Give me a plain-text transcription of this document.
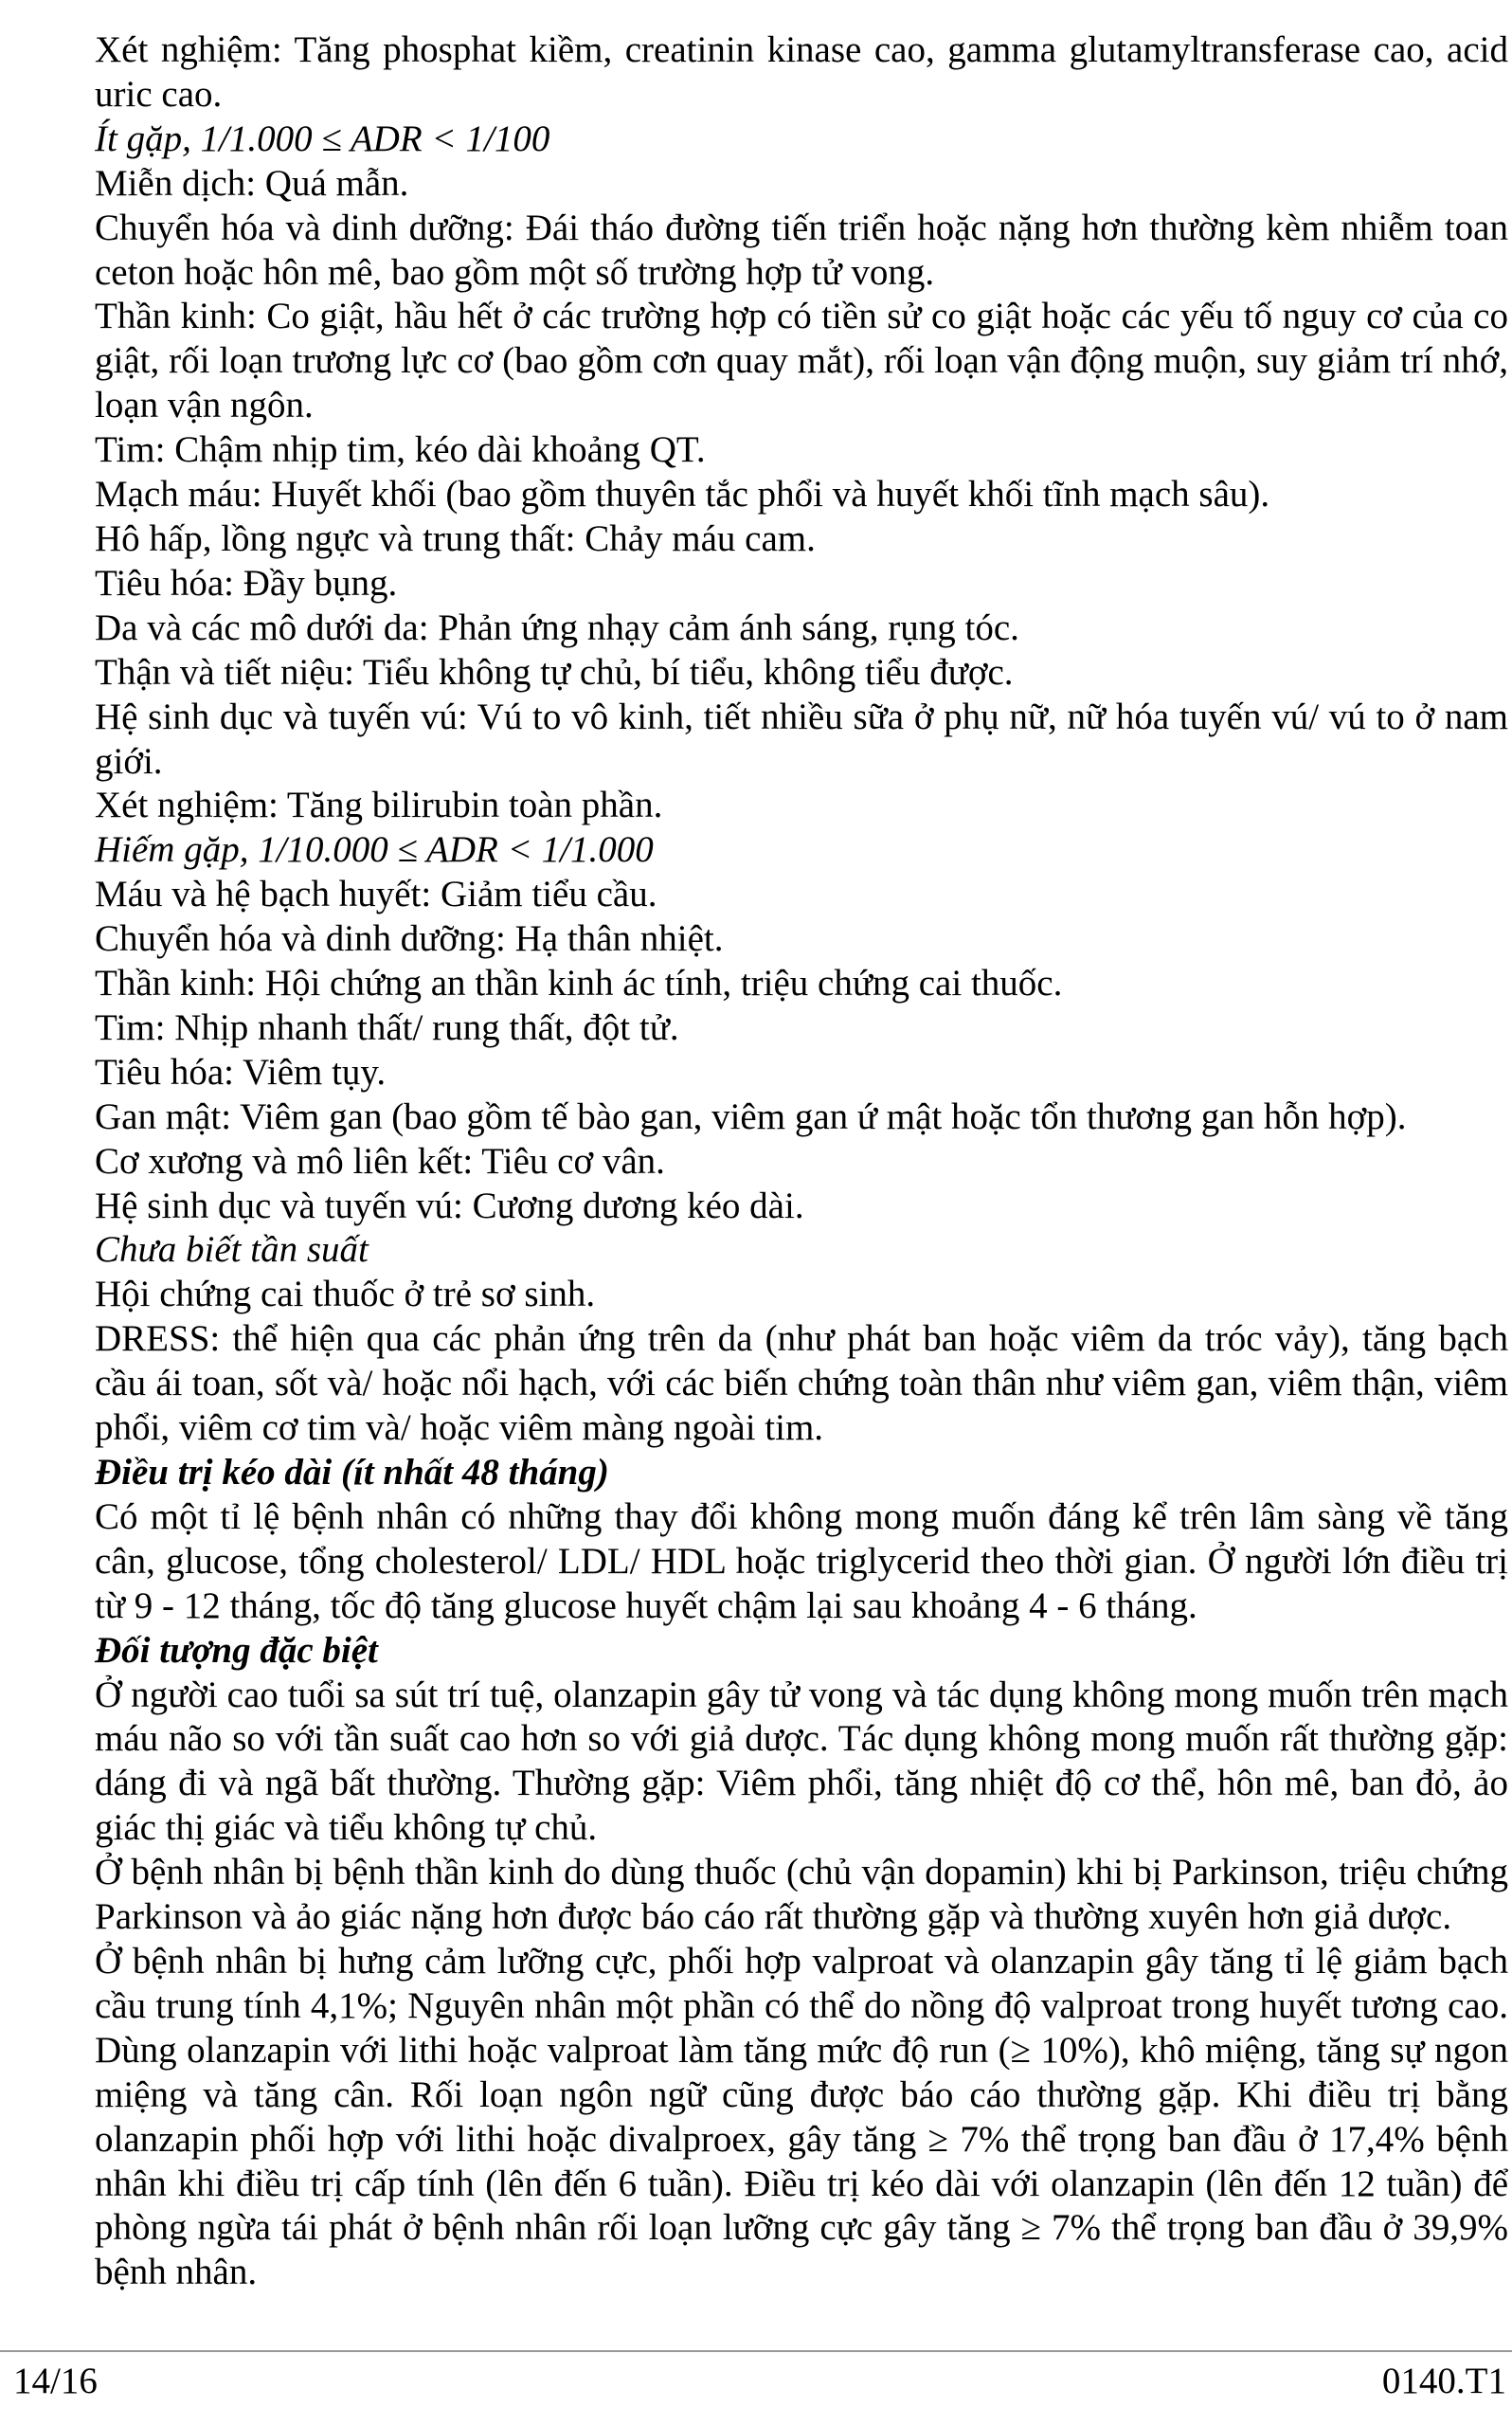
Xét nghiệm: Tăng phosphat kiềm, creatinin kinase cao, gamma glutamyltransferase cao, acid uric cao.
Ít gặp, 1/1.000 ≤ ADR < 1/100
Miễn dịch: Quá mẫn.
Chuyển hóa và dinh dưỡng: Đái tháo đường tiến triển hoặc nặng hơn thường kèm nhiễm toan ceton hoặc hôn mê, bao gồm một số trường hợp tử vong.
Thần kinh: Co giật, hầu hết ở các trường hợp có tiền sử co giật hoặc các yếu tố nguy cơ của co giật, rối loạn trương lực cơ (bao gồm cơn quay mắt), rối loạn vận động muộn, suy giảm trí nhớ, loạn vận ngôn.
Tim: Chậm nhịp tim, kéo dài khoảng QT.
Mạch máu: Huyết khối (bao gồm thuyên tắc phổi và huyết khối tĩnh mạch sâu).
Hô hấp, lồng ngực và trung thất: Chảy máu cam.
Tiêu hóa: Đầy bụng.
Da và các mô dưới da: Phản ứng nhạy cảm ánh sáng, rụng tóc.
Thận và tiết niệu: Tiểu không tự chủ, bí tiểu, không tiểu được.
Hệ sinh dục và tuyến vú: Vú to vô kinh, tiết nhiều sữa ở phụ nữ, nữ hóa tuyến vú/ vú to ở nam giới.
Xét nghiệm: Tăng bilirubin toàn phần.
Hiếm gặp, 1/10.000 ≤ ADR < 1/1.000
Máu và hệ bạch huyết: Giảm tiểu cầu.
Chuyển hóa và dinh dưỡng: Hạ thân nhiệt.
Thần kinh: Hội chứng an thần kinh ác tính, triệu chứng cai thuốc.
Tim: Nhịp nhanh thất/ rung thất, đột tử.
Tiêu hóa: Viêm tụy.
Gan mật: Viêm gan (bao gồm tế bào gan, viêm gan ứ mật hoặc tổn thương gan hỗn hợp).
Cơ xương và mô liên kết: Tiêu cơ vân.
Hệ sinh dục và tuyến vú: Cương dương kéo dài.
Chưa biết tần suất
Hội chứng cai thuốc ở trẻ sơ sinh.
DRESS: thể hiện qua các phản ứng trên da (như phát ban hoặc viêm da tróc vảy), tăng bạch cầu ái toan, sốt và/ hoặc nổi hạch, với các biến chứng toàn thân như viêm gan, viêm thận, viêm phổi, viêm cơ tim và/ hoặc viêm màng ngoài tim.
Điều trị kéo dài (ít nhất 48 tháng)
Có một tỉ lệ bệnh nhân có những thay đổi không mong muốn đáng kể trên lâm sàng về tăng cân, glucose, tổng cholesterol/ LDL/ HDL hoặc triglycerid theo thời gian. Ở người lớn điều trị từ 9 - 12 tháng, tốc độ tăng glucose huyết chậm lại sau khoảng 4 - 6 tháng.
Đối tượng đặc biệt
Ở người cao tuổi sa sút trí tuệ, olanzapin gây tử vong và tác dụng không mong muốn trên mạch máu não so với tần suất cao hơn so với giả dược. Tác dụng không mong muốn rất thường gặp: dáng đi và ngã bất thường. Thường gặp: Viêm phổi, tăng nhiệt độ cơ thể, hôn mê, ban đỏ, ảo giác thị giác và tiểu không tự chủ.
Ở bệnh nhân bị bệnh thần kinh do dùng thuốc (chủ vận dopamin) khi bị Parkinson, triệu chứng Parkinson và ảo giác nặng hơn được báo cáo rất thường gặp và thường xuyên hơn giả dược.
Ở bệnh nhân bị hưng cảm lưỡng cực, phối hợp valproat và olanzapin gây tăng tỉ lệ giảm bạch cầu trung tính 4,1%; Nguyên nhân một phần có thể do nồng độ valproat trong huyết tương cao. Dùng olanzapin với lithi hoặc valproat làm tăng mức độ run (≥ 10%), khô miệng, tăng sự ngon miệng và tăng cân. Rối loạn ngôn ngữ cũng được báo cáo thường gặp. Khi điều trị bằng olanzapin phối hợp với lithi hoặc divalproex, gây tăng ≥ 7% thể trọng ban đầu ở 17,4% bệnh nhân khi điều trị cấp tính (lên đến 6 tuần). Điều trị kéo dài với olanzapin (lên đến 12 tuần) để phòng ngừa tái phát ở bệnh nhân rối loạn lưỡng cực gây tăng ≥ 7% thể trọng ban đầu ở 39,9% bệnh nhân.
14/16	0140.T1
